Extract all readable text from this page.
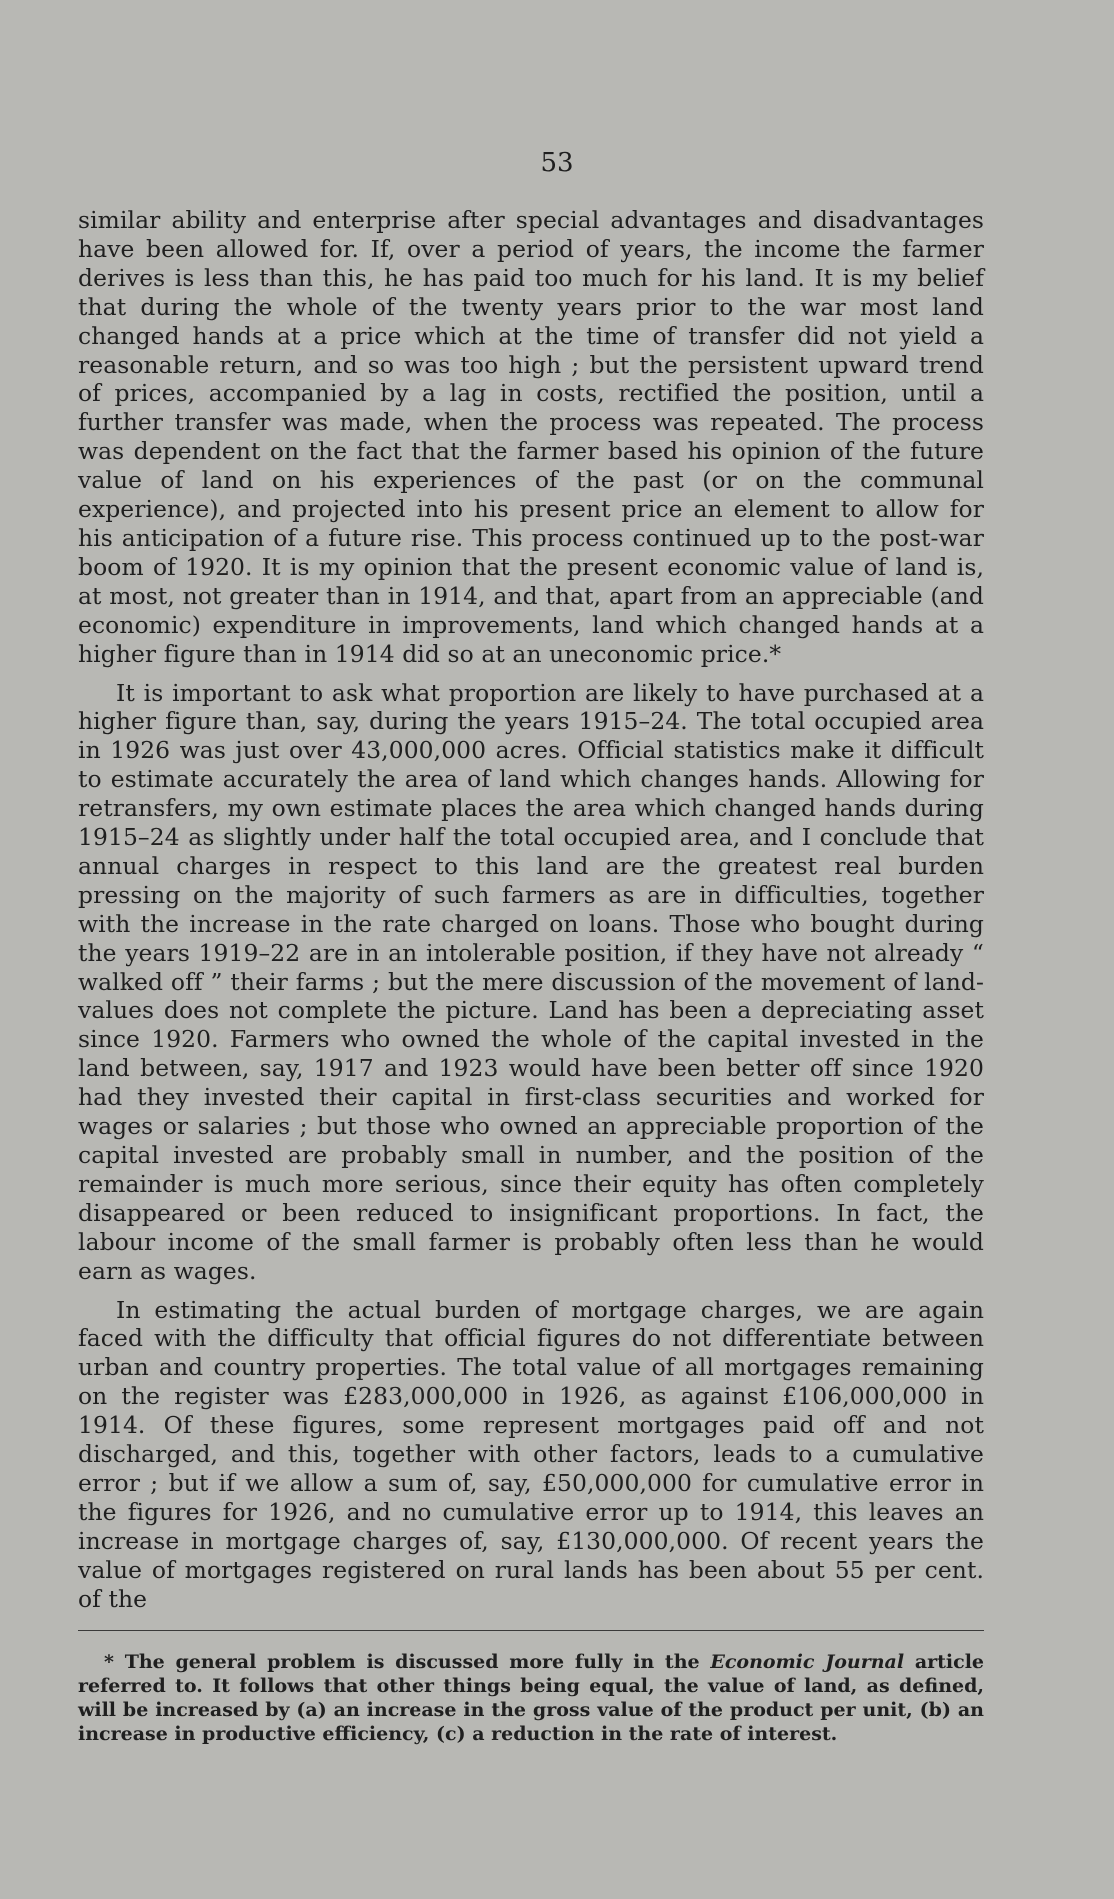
53

similar ability and enterprise after special advantages and disadvantages have been allowed for. If, over a period of years, the income the farmer derives is less than this, he has paid too much for his land. It is my belief that during the whole of the twenty years prior to the war most land changed hands at a price which at the time of transfer did not yield a reasonable return, and so was too high ; but the persistent upward trend of prices, accompanied by a lag in costs, rectified the position, until a further transfer was made, when the process was repeated. The process was dependent on the fact that the farmer based his opinion of the future value of land on his experiences of the past (or on the communal experience), and projected into his present price an element to allow for his anticipation of a future rise. This process continued up to the post-war boom of 1920. It is my opinion that the present economic value of land is, at most, not greater than in 1914, and that, apart from an appreciable (and economic) expenditure in improvements, land which changed hands at a higher figure than in 1914 did so at an uneconomic price.*

It is important to ask what proportion are likely to have purchased at a higher figure than, say, during the years 1915–24. The total occupied area in 1926 was just over 43,000,000 acres. Official statistics make it difficult to estimate accurately the area of land which changes hands. Allowing for retransfers, my own estimate places the area which changed hands during 1915–24 as slightly under half the total occupied area, and I conclude that annual charges in respect to this land are the greatest real burden pressing on the majority of such farmers as are in difficulties, together with the increase in the rate charged on loans. Those who bought during the years 1919–22 are in an intolerable position, if they have not already “ walked off ” their farms ; but the mere discussion of the movement of land-values does not complete the picture. Land has been a depreciating asset since 1920. Farmers who owned the whole of the capital invested in the land between, say, 1917 and 1923 would have been better off since 1920 had they invested their capital in first-class securities and worked for wages or salaries ; but those who owned an appreciable proportion of the capital invested are probably small in number, and the position of the remainder is much more serious, since their equity has often completely disappeared or been reduced to insignificant proportions. In fact, the labour income of the small farmer is probably often less than he would earn as wages.

In estimating the actual burden of mortgage charges, we are again faced with the difficulty that official figures do not differentiate between urban and country properties. The total value of all mortgages remaining on the register was £283,000,000 in 1926, as against £106,000,000 in 1914. Of these figures, some represent mortgages paid off and not discharged, and this, together with other factors, leads to a cumulative error ; but if we allow a sum of, say, £50,000,000 for cumulative error in the figures for 1926, and no cumulative error up to 1914, this leaves an increase in mortgage charges of, say, £130,000,000. Of recent years the value of mortgages registered on rural lands has been about 55 per cent. of the

* The general problem is discussed more fully in the Economic Journal article referred to. It follows that other things being equal, the value of land, as defined, will be increased by (a) an increase in the gross value of the product per unit, (b) an increase in productive efficiency, (c) a reduction in the rate of interest.
